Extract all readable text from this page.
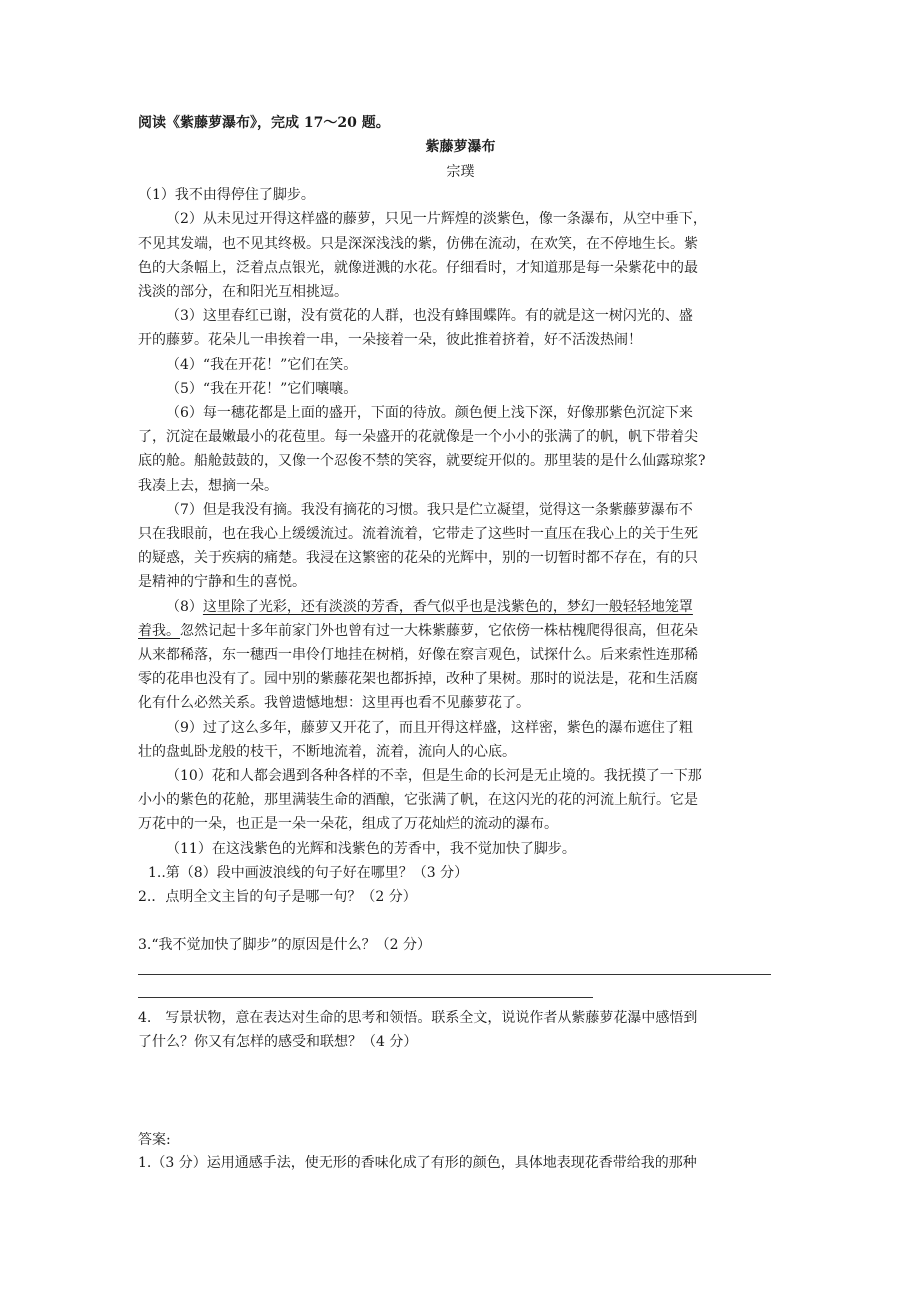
阅读《紫藤萝瀑布》，完成 17～20 题。
紫藤萝瀑布
宗璞
（1）我不由得停住了脚步。
（2）从未见过开得这样盛的藤萝，只见一片辉煌的淡紫色，像一条瀑布，从空中垂下，
不见其发端，也不见其终极。只是深深浅浅的紫，仿佛在流动，在欢笑，在不停地生长。紫
色的大条幅上，泛着点点银光，就像迸溅的水花。仔细看时，才知道那是每一朵紫花中的最
浅淡的部分，在和阳光互相挑逗。
（3）这里春红已谢，没有赏花的人群，也没有蜂围蝶阵。有的就是这一树闪光的、盛
开的藤萝。花朵儿一串挨着一串，一朵接着一朵，彼此推着挤着，好不活泼热闹！
（4）“我在开花！”它们在笑。
（5）“我在开花！”它们嚷嚷。
（6）每一穗花都是上面的盛开，下面的待放。颜色便上浅下深，好像那紫色沉淀下来
了，沉淀在最嫩最小的花苞里。每一朵盛开的花就像是一个小小的张满了的帆，帆下带着尖
底的舱。船舱鼓鼓的，又像一个忍俊不禁的笑容，就要绽开似的。那里装的是什么仙露琼浆?
我凑上去，想摘一朵。
（7）但是我没有摘。我没有摘花的习惯。我只是伫立凝望，觉得这一条紫藤萝瀑布不
只在我眼前，也在我心上缓缓流过。流着流着，它带走了这些时一直压在我心上的关于生死
的疑惑，关于疾病的痛楚。我浸在这繁密的花朵的光辉中，别的一切暂时都不存在，有的只
是精神的宁静和生的喜悦。
（8）这里除了光彩，还有淡淡的芳香，香气似乎也是浅紫色的，梦幻一般轻轻地笼罩
着我。忽然记起十多年前家门外也曾有过一大株紫藤萝，它依傍一株枯槐爬得很高，但花朵
从来都稀落，东一穗西一串伶仃地挂在树梢，好像在察言观色，试探什么。后来索性连那稀
零的花串也没有了。园中别的紫藤花架也都拆掉，改种了果树。那时的说法是，花和生活腐
化有什么必然关系。我曾遗憾地想：这里再也看不见藤萝花了。
（9）过了这么多年，藤萝又开花了，而且开得这样盛，这样密，紫色的瀑布遮住了粗
壮的盘虬卧龙般的枝干，不断地流着，流着，流向人的心底。
（10）花和人都会遇到各种各样的不幸，但是生命的长河是无止境的。我抚摸了一下那
小小的紫色的花舱，那里满装生命的酒酿，它张满了帆，在这闪光的花的河流上航行。它是
万花中的一朵，也正是一朵一朵花，组成了万花灿烂的流动的瀑布。
（11）在这浅紫色的光辉和浅紫色的芳香中，我不觉加快了脚步。
1..第（8）段中画波浪线的句子好在哪里？（3 分）
2.．点明全文主旨的句子是哪一句？（2 分）
3.“我不觉加快了脚步”的原因是什么？（2 分）
4.　写景状物，意在表达对生命的思考和领悟。联系全文，说说作者从紫藤萝花瀑中感悟到
了什么？你又有怎样的感受和联想？（4 分）
答案:
1.（3 分）运用通感手法，使无形的香味化成了有形的颜色，具体地表现花香带给我的那种
